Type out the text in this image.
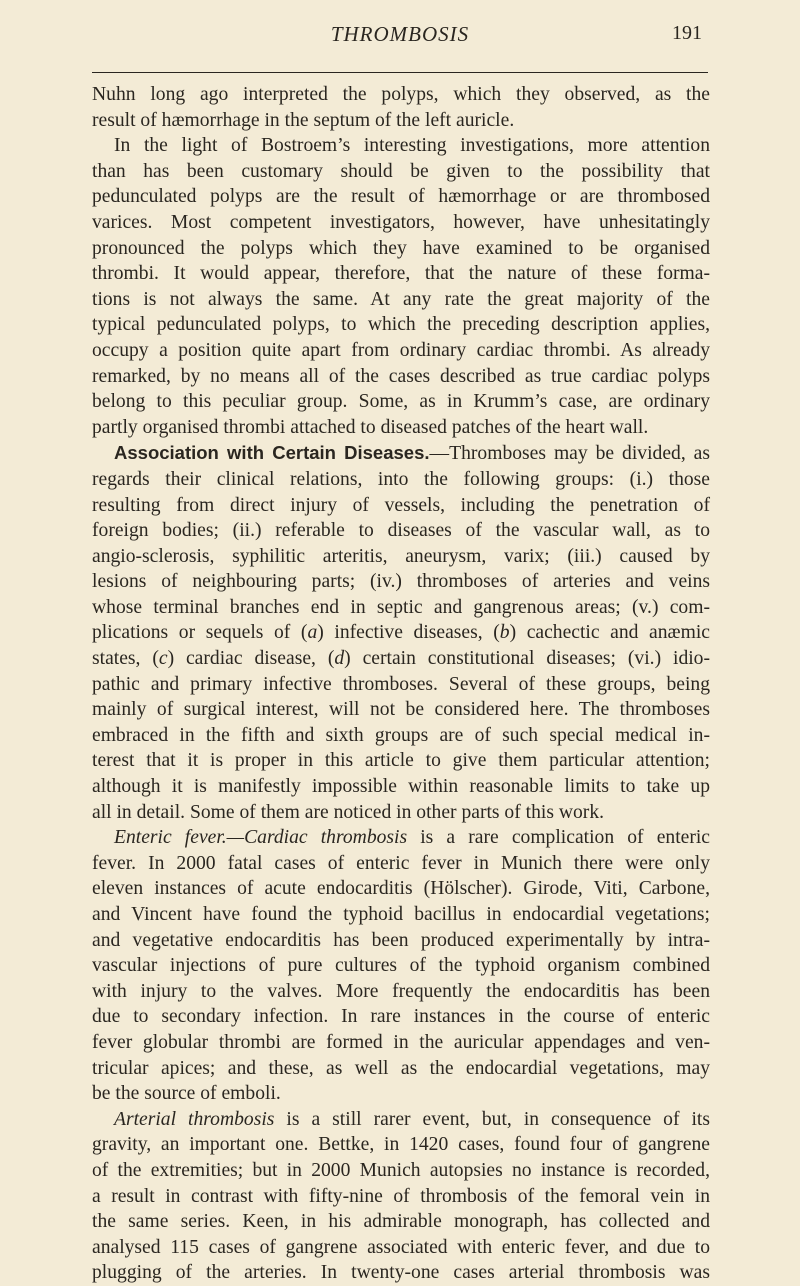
THROMBOSIS	191
Nuhn long ago interpreted the polyps, which they observed, as the
result of hæmorrhage in the septum of the left auricle.
In the light of Bostroem’s interesting investigations, more attention
than has been customary should be given to the possibility that
pedunculated polyps are the result of hæmorrhage or are thrombosed
varices. Most competent investigators, however, have unhesitatingly
pronounced the polyps which they have examined to be organised
thrombi. It would appear, therefore, that the nature of these forma-
tions is not always the same. At any rate the great majority of the
typical pedunculated polyps, to which the preceding description applies,
occupy a position quite apart from ordinary cardiac thrombi. As already
remarked, by no means all of the cases described as true cardiac polyps
belong to this peculiar group. Some, as in Krumm’s case, are ordinary
partly organised thrombi attached to diseased patches of the heart wall.
Association with Certain Diseases.—Thromboses may be divided, as
regards their clinical relations, into the following groups: (i.) those
resulting from direct injury of vessels, including the penetration of
foreign bodies; (ii.) referable to diseases of the vascular wall, as to
angio-sclerosis, syphilitic arteritis, aneurysm, varix; (iii.) caused by
lesions of neighbouring parts; (iv.) thromboses of arteries and veins
whose terminal branches end in septic and gangrenous areas; (v.) com-
plications or sequels of (a) infective diseases, (b) cachectic and anæmic
states, (c) cardiac disease, (d) certain constitutional diseases; (vi.) idio-
pathic and primary infective thromboses. Several of these groups, being
mainly of surgical interest, will not be considered here. The thromboses
embraced in the fifth and sixth groups are of such special medical in-
terest that it is proper in this article to give them particular attention;
although it is manifestly impossible within reasonable limits to take up
all in detail. Some of them are noticed in other parts of this work.
Enteric fever.—Cardiac thrombosis is a rare complication of enteric
fever. In 2000 fatal cases of enteric fever in Munich there were only
eleven instances of acute endocarditis (Hölscher). Girode, Viti, Carbone,
and Vincent have found the typhoid bacillus in endocardial vegetations;
and vegetative endocarditis has been produced experimentally by intra-
vascular injections of pure cultures of the typhoid organism combined
with injury to the valves. More frequently the endocarditis has been
due to secondary infection. In rare instances in the course of enteric
fever globular thrombi are formed in the auricular appendages and ven-
tricular apices; and these, as well as the endocardial vegetations, may
be the source of emboli.
Arterial thrombosis is a still rarer event, but, in consequence of its
gravity, an important one. Bettke, in 1420 cases, found four of gangrene
of the extremities; but in 2000 Munich autopsies no instance is recorded,
a result in contrast with fifty-nine of thrombosis of the femoral vein in
the same series. Keen, in his admirable monograph, has collected and
analysed 115 cases of gangrene associated with enteric fever, and due to
plugging of the arteries. In twenty-one cases arterial thrombosis was
